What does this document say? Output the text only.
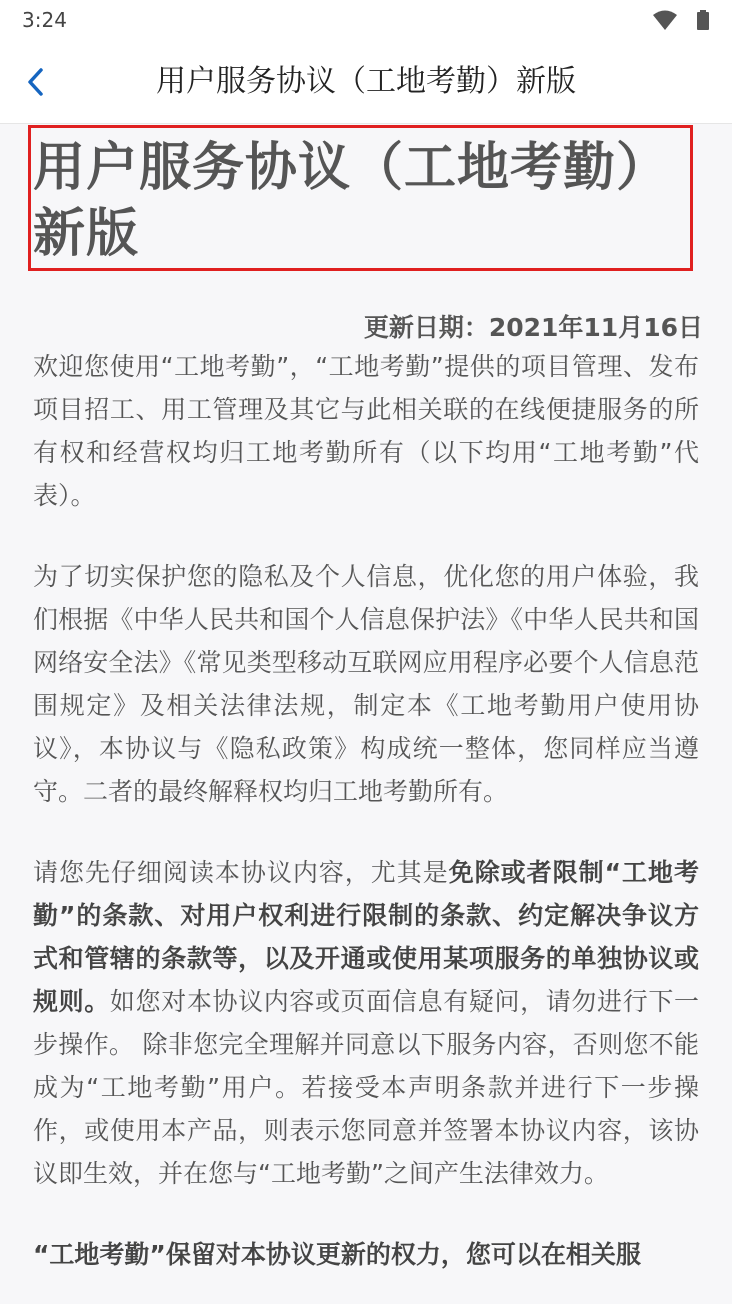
3:24
用户服务协议（工地考勤）新版
用户服务协议（工地考勤）新版
更新日期：2021年11月16日

欢迎您使用“工地考勤”，“工地考勤”提供的项目管理、发布项目招工、用工管理及其它与此相关联的在线便捷服务的所有权和经营权均归工地考勤所有（以下均用“工地考勤”代表）。

为了切实保护您的隐私及个人信息，优化您的用户体验，我们根据《中华人民共和国个人信息保护法》《中华人民共和国网络安全法》《常见类型移动互联网应用程序必要个人信息范围规定》及相关法律法规，制定本《工地考勤用户使用协议》，本协议与《隐私政策》构成统一整体，您同样应当遵守。二者的最终解释权均归工地考勤所有。

请您先仔细阅读本协议内容，尤其是免除或者限制“工地考勤”的条款、对用户权利进行限制的条款、约定解决争议方式和管辖的条款等，以及开通或使用某项服务的单独协议或规则。如您对本协议内容或页面信息有疑问，请勿进行下一步操作。 除非您完全理解并同意以下服务内容，否则您不能成为“工地考勤”用户。若接受本声明条款并进行下一步操作，或使用本产品，则表示您同意并签署本协议内容，该协议即生效，并在您与“工地考勤”之间产生法律效力。

“工地考勤”保留对本协议更新的权力，您可以在相关服
